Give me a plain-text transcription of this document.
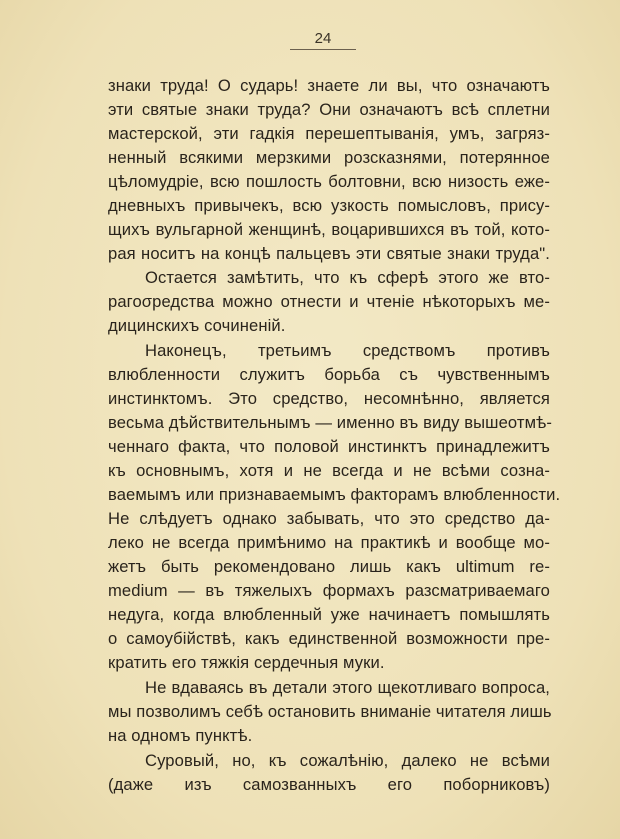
24
знаки труда! О сударь! знаете ли вы, что означаютъ
эти святые знаки труда? Они означаютъ всѣ сплетни
мастерской, эти гадкія перешептыванія, умъ, загряз-
ненный всякими мерзкими розсказнями, потерянное
цѣломудріе, всю пошлость болтовни, всю низость еже-
дневныхъ привычекъ, всю узкость помысловъ, прису-
щихъ вульгарной женщинѣ, воцарившихся въ той, кото-
рая носитъ на концѣ пальцевъ эти святые знаки труда".
Остается замѣтить, что къ сферѣ этого же вто-
рагоσредства можно отнести и чтеніе нѣкоторыхъ ме-
дицинскихъ сочиненій.
Наконецъ, третьимъ средствомъ противъ
влюбленности служитъ борьба съ чувственнымъ
инстинктомъ. Это средство, несомнѣнно, является
весьма дѣйствительнымъ — именно въ виду вышеотмѣ-
ченнаго факта, что половой инстинктъ принадлежитъ
къ основнымъ, хотя и не всегда и не всѣми созна-
ваемымъ или признаваемымъ факторамъ влюбленности.
Не слѣдуетъ однако забывать, что это средство да-
леко не всегда примѣнимо на практикѣ и вообще мо-
жетъ быть рекомендовано лишь какъ ultimum re-
medium — въ тяжелыхъ формахъ разсматриваемаго
недуга, когда влюбленный уже начинаетъ помышлять
о самоубійствѣ, какъ единственной возможности пре-
кратить его тяжкія сердечныя муки.
Не вдаваясь въ детали этого щекотливаго вопроса,
мы позволимъ себѣ остановить вниманіе читателя лишь
на одномъ пунктѣ.
Суровый, но, къ сожалѣнію, далеко не всѣми
(даже изъ самозванныхъ его поборниковъ)
